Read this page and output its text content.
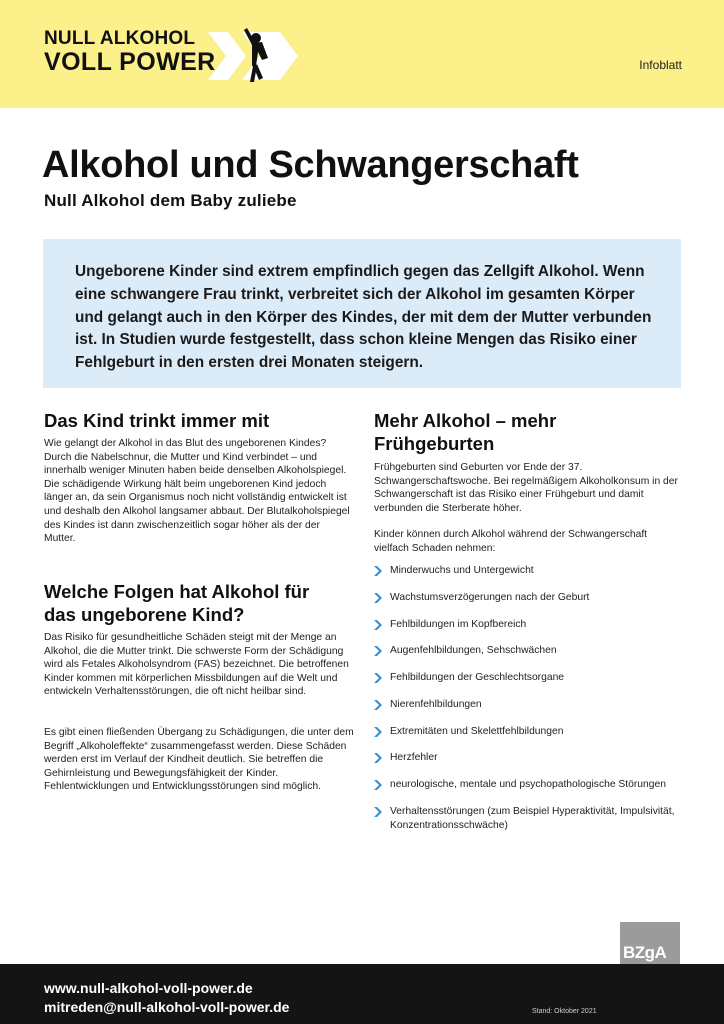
NULL ALKOHOL
VOLL POWER	Infoblatt
Alkohol und Schwangerschaft
Null Alkohol dem Baby zuliebe

Ungeborene Kinder sind extrem empfindlich gegen das Zellgift Alkohol. Wenn eine schwangere Frau trinkt, verbreitet sich der Alkohol im gesamten Körper und gelangt auch in den Körper des Kindes, der mit dem der Mutter verbunden ist. In Studien wurde festgestellt, dass schon kleine Mengen das Risiko einer Fehlgeburt in den ersten drei Monaten steigern.

Das Kind trinkt immer mit

Wie gelangt der Alkohol in das Blut des ungeborenen Kindes? Durch die Nabelschnur, die Mutter und Kind verbindet – und innerhalb weniger Minuten haben beide denselben Alkoholspiegel. Die schädigende Wirkung hält beim ungeborenen Kind jedoch länger an, da sein Organismus noch nicht vollständig entwickelt ist und deshalb den Alkohol langsamer abbaut. Der Blutalkoholspiegel des Kindes ist dann zwischenzeitlich sogar höher als der der Mutter.

Welche Folgen hat Alkohol für das ungeborene Kind?

Das Risiko für gesundheitliche Schäden steigt mit der Menge an Alkohol, die die Mutter trinkt. Die schwerste Form der Schädigung wird als Fetales Alkoholsyndrom (FAS) bezeichnet. Die betroffenen Kinder kommen mit körperlichen Missbildungen auf die Welt und entwickeln Verhaltensstörungen, die oft nicht heilbar sind.

Es gibt einen fließenden Übergang zu Schädigungen, die unter dem Begriff „Alkoholeffekte“ zusammengefasst werden. Diese Schäden werden erst im Verlauf der Kindheit deutlich. Sie betreffen die Gehirnleistung und Bewegungsfähigkeit der Kinder. Fehlentwicklungen und Entwicklungsstörungen sind möglich.

Mehr Alkohol – mehr Frühgeburten

Frühgeburten sind Geburten vor Ende der 37. Schwangerschaftswoche. Bei regelmäßigem Alkoholkonsum in der Schwangerschaft ist das Risiko einer Frühgeburt und damit verbunden die Sterberate höher.

Kinder können durch Alkohol während der Schwangerschaft vielfach Schaden nehmen:

Minderwuchs und Untergewicht
Wachstumsverzögerungen nach der Geburt
Fehlbildungen im Kopfbereich
Augenfehlbildungen, Sehschwächen
Fehlbildungen der Geschlechtsorgane
Nierenfehlbildungen
Extremitäten und Skelettfehlbildungen
Herzfehler
neurologische, mentale und psychopathologische Störungen
Verhaltensstörungen (zum Beispiel Hyperaktivität, Impulsivität, Konzentrationsschwäche)
BZgA
www.null-alkohol-voll-power.de
mitreden@null-alkohol-voll-power.de	Stand: Oktober 2021
